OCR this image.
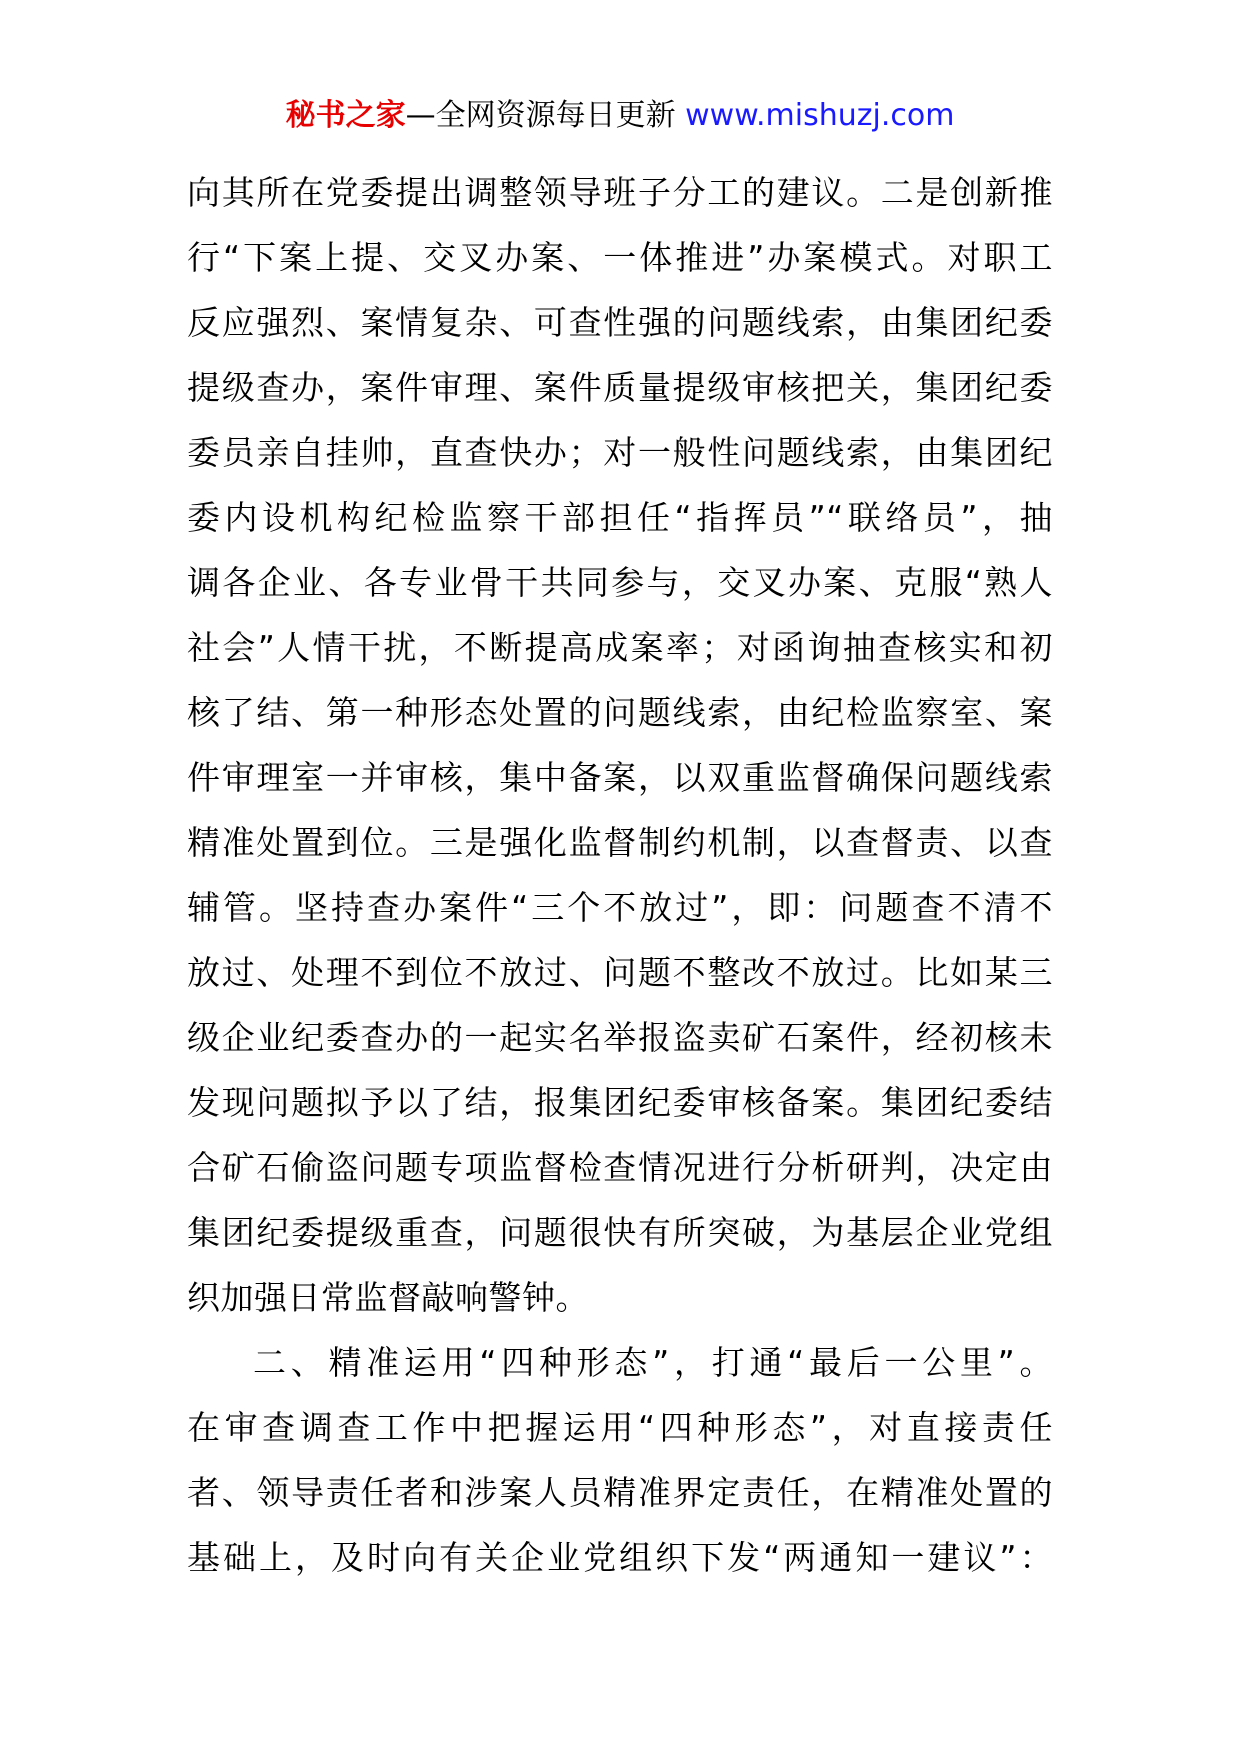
秘书之家—全网资源每日更新 www.mishuzj.com
向其所在党委提出调整领导班子分工的建议。二是创新推
行“下案上提、交叉办案、一体推进”办案模式。对职工
反应强烈、案情复杂、可查性强的问题线索，由集团纪委
提级查办，案件审理、案件质量提级审核把关，集团纪委
委员亲自挂帅，直查快办；对一般性问题线索，由集团纪
委内设机构纪检监察干部担任“指挥员”“联络员”，抽
调各企业、各专业骨干共同参与，交叉办案、克服“熟人
社会”人情干扰，不断提高成案率；对函询抽查核实和初
核了结、第一种形态处置的问题线索，由纪检监察室、案
件审理室一并审核，集中备案，以双重监督确保问题线索
精准处置到位。三是强化监督制约机制，以查督责、以查
辅管。坚持查办案件“三个不放过”，即：问题查不清不
放过、处理不到位不放过、问题不整改不放过。比如某三
级企业纪委查办的一起实名举报盗卖矿石案件，经初核未
发现问题拟予以了结，报集团纪委审核备案。集团纪委结
合矿石偷盗问题专项监督检查情况进行分析研判，决定由
集团纪委提级重查，问题很快有所突破，为基层企业党组
织加强日常监督敲响警钟。
二、精准运用“四种形态”，打通“最后一公里”。
在审查调查工作中把握运用“四种形态”，对直接责任
者、领导责任者和涉案人员精准界定责任，在精准处置的
基础上，及时向有关企业党组织下发“两通知一建议”：
